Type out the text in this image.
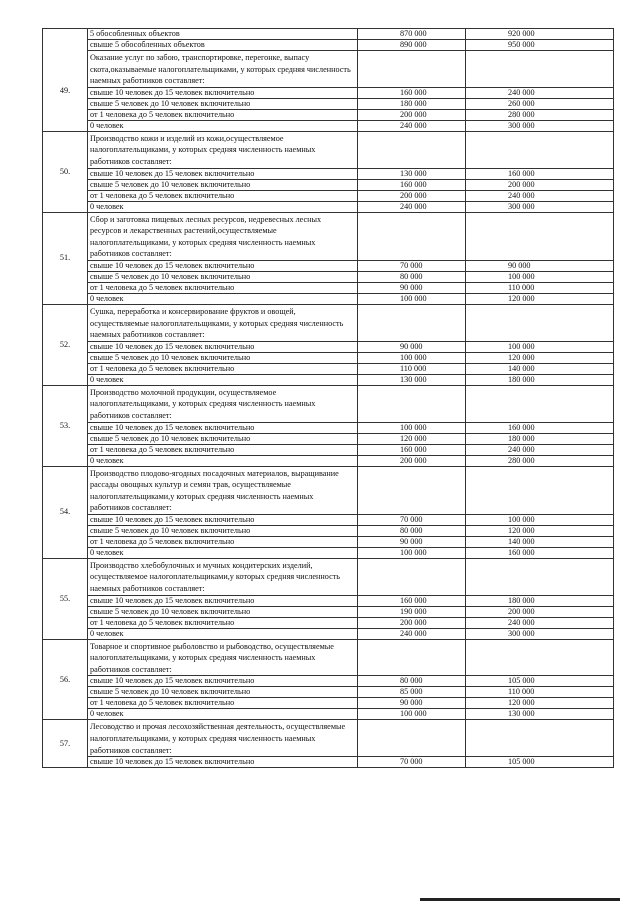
	5 обособленных объектов	870 000	920 000
	свыше 5 обособленных объектов	890 000	950 000
49.	Оказание услуг по забою, транспортировке, перегонке, выпасу скота,оказываемые налогоплательщиками, у которых средняя численность наемных работников составляет:		
	свыше 10 человек до 15 человек включительно	160 000	240 000
	свыше 5 человек до 10 человек включительно	180 000	260 000
	от 1 человека до 5 человек включительно	200 000	280 000
	0 человек	240 000	300 000
50.	Производство кожи и изделий из кожи,осуществляемое налогоплательщиками, у которых средняя численность наемных работников составляет:		
	свыше 10 человек до 15 человек включительно	130 000	160 000
	свыше 5 человек до 10 человек включительно	160 000	200 000
	от 1 человека до 5 человек включительно	200 000	240 000
	0 человек	240 000	300 000
51.	Сбор и заготовка пищевых лесных ресурсов, недревесных лесных ресурсов и лекарственных растений,осуществляемые налогоплательщиками, у которых средняя численность наемных работников составляет:		
	свыше 10 человек до 15 человек включительно	70 000	90 000
	свыше 5 человек до 10 человек включительно	80 000	100 000
	от 1 человека до 5 человек включительно	90 000	110 000
	0 человек	100 000	120 000
52.	Сушка, переработка и консервирование фруктов и овощей, осуществляемые налогоплательщиками, у которых средняя численность наемных работников составляет:		
	свыше 10 человек до 15 человек включительно	90 000	100 000
	свыше 5 человек до 10 человек включительно	100 000	120 000
	от 1 человека до 5 человек включительно	110 000	140 000
	0 человек	130 000	180 000
53.	Производство молочной продукции, осуществляемое налогоплательщиками, у которых средняя численность наемных работников составляет:		
	свыше 10 человек до 15 человек включительно	100 000	160 000
	свыше 5 человек до 10 человек включительно	120 000	180 000
	от 1 человека до 5 человек включительно	160 000	240 000
	0 человек	200 000	280 000
54.	Производство плодово-ягодных посадочных материалов, выращивание рассады овощных культур и семян трав, осуществляемые налогоплательщиками,у которых средняя численность наемных работников составляет:		
	свыше 10 человек до 15 человек включительно	70 000	100 000
	свыше 5 человек до 10 человек включительно	80 000	120 000
	от 1 человека до 5 человек включительно	90 000	140 000
	0 человек	100 000	160 000
55.	Производство хлебобулочных и мучных кондитерских изделий, осуществляемое налогоплательщиками,у которых средняя численность наемных работников составляет:		
	свыше 10 человек до 15 человек включительно	160 000	180 000
	свыше 5 человек до 10 человек включительно	190 000	200 000
	от 1 человека до 5 человек включительно	200 000	240 000
	0 человек	240 000	300 000
56.	Товарное и спортивное рыболовство и рыбоводство, осуществляемые налогоплательщиками, у которых средняя численность наемных работников составляет:		
	свыше 10 человек до 15 человек включительно	80 000	105 000
	свыше 5 человек до 10 человек включительно	85 000	110 000
	от 1 человека до 5 человек включительно	90 000	120 000
	0 человек	100 000	130 000
57.	Лесоводство и прочая лесохозяйственная деятельность, осуществляемые налогоплательщиками, у которых средняя численность наемных работников составляет:		
	свыше 10 человек до 15 человек включительно	70 000	105 000
